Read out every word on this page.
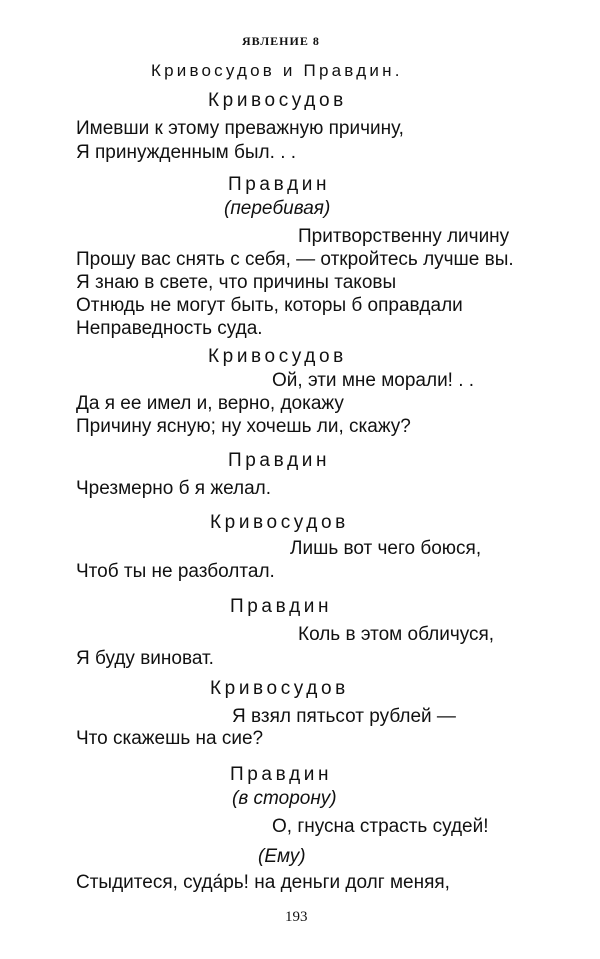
ЯВЛЕНИЕ 8
Кривосудов и Правдин.
Кривосудов
Имевши к этому преважную причину,
Я принужденным был. . .
Правдин
(перебивая)
Притворственну личину
Прошу вас снять с себя, — откройтесь лучше вы.
Я знаю в свете, что причины таковы
Отнюдь не могут быть, которы б оправдали
Неправедность суда.
Кривосудов
Ой, эти мне морали! . .
Да я ее имел и, верно, докажу
Причину ясную; ну хочешь ли, скажу?
Правдин
Чрезмерно б я желал.
Кривосудов
Лишь вот чего боюся,
Чтоб ты не разболтал.
Правдин
Коль в этом обличуся,
Я буду виноват.
Кривосудов
Я взял пятьсот рублей —
Что скажешь на сие?
Правдин
(в сторону)
О, гнусна страсть судей!
(Ему)
Стыдитеся, суда́рь! на деньги долг меняя,
193
